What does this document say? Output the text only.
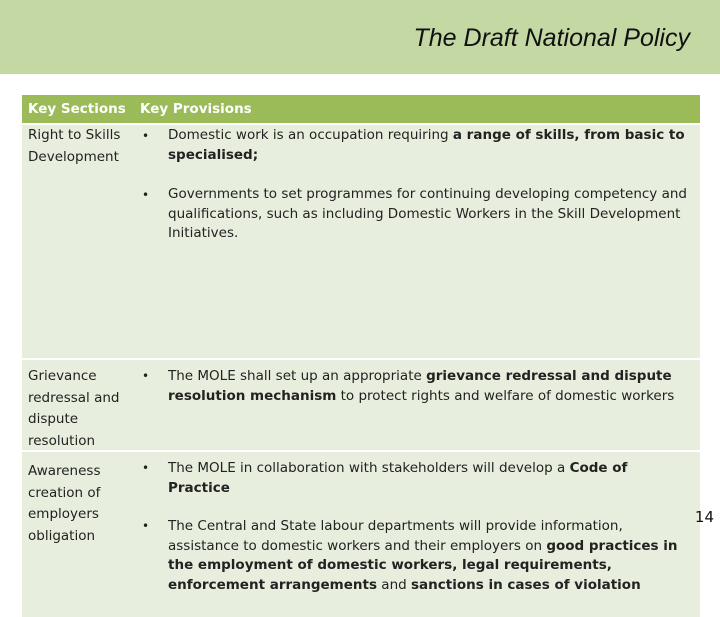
The Draft National Policy
Key Sections Key Provisions
Right to Skills Development
• Domestic work is an occupation requiring a range of skills, from basic to specialised;
• Governments to set programmes for continuing developing competency and qualifications, such as including Domestic Workers in the Skill Development Initiatives.
Grievance redressal and dispute resolution
• The MOLE shall set up an appropriate grievance redressal and dispute resolution mechanism to protect rights and welfare of domestic workers
Awareness creation of employers obligation
• The MOLE in collaboration with stakeholders will develop a Code of Practice
• The Central and State labour departments will provide information, assistance to domestic workers and their employers on good practices in the employment of domestic workers, legal requirements, enforcement arrangements and sanctions in cases of violation
14
